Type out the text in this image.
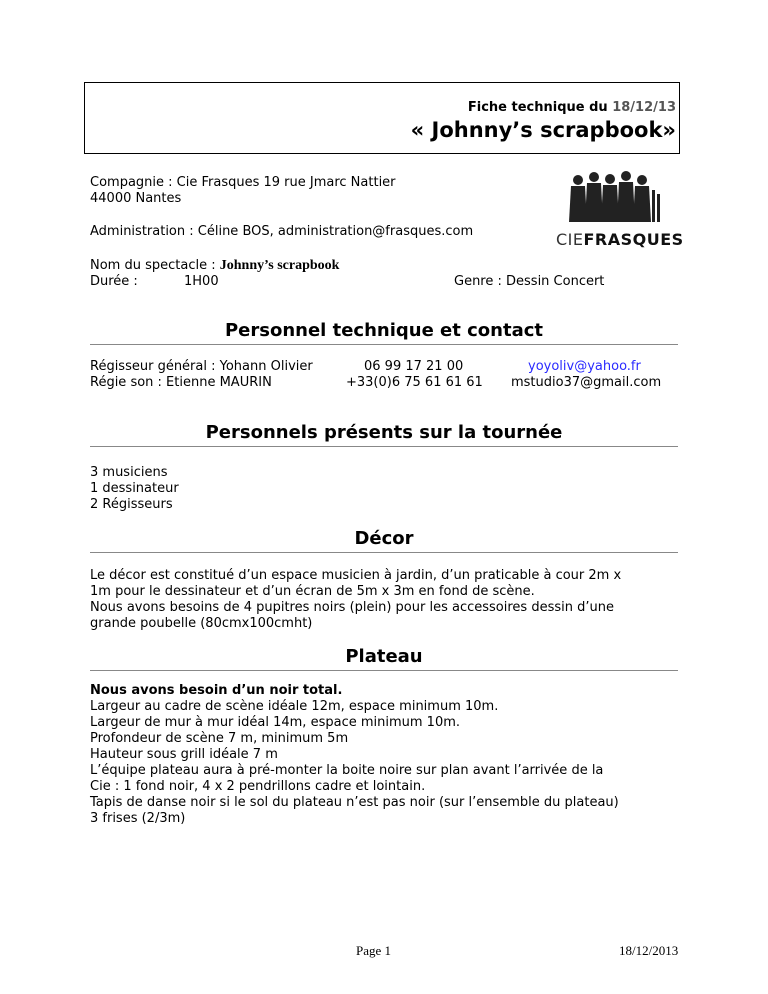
Fiche technique du 18/12/13
« Johnny’s scrapbook»
Compagnie : Cie Frasques 19 rue Jmarc Nattier
44000 Nantes
Administration : Céline BOS, administration@frasques.com
Nom du spectacle : Johnny’s scrapbook
Durée :	1H00	Genre : Dessin Concert
CIEFRASQUES
Personnel technique et contact
Régisseur général : Yohann Olivier	06 99 17 21 00	yoyoliv@yahoo.fr
Régie son : Etienne MAURIN	+33(0)6 75 61 61 61 mstudio37@gmail.com
Personnels présents sur la tournée
3 musiciens
1 dessinateur
2 Régisseurs
Décor

Le décor est constitué d’un espace musicien à jardin, d’un praticable à cour 2m x

1m pour le dessinateur et d’un écran de 5m x 3m en fond de scène.

Nous avons besoins de 4 pupitres noirs (plein) pour les accessoires dessin d’une

grande poubelle (80cmx100cmht)

Plateau

Nous avons besoin d’un noir total.

Largeur au cadre de scène idéale 12m, espace minimum 10m.

Largeur de mur à mur idéal 14m, espace minimum 10m.

Profondeur de scène 7 m, minimum 5m

Hauteur sous grill idéale 7 m

L’équipe plateau aura à pré-monter la boite noire sur plan avant l’arrivée de la

Cie : 1 fond noir, 4 x 2 pendrillons cadre et lointain.

Tapis de danse noir si le sol du plateau n’est pas noir (sur l’ensemble du plateau)

3 frises (2/3m)

Page 1	18/12/2013
